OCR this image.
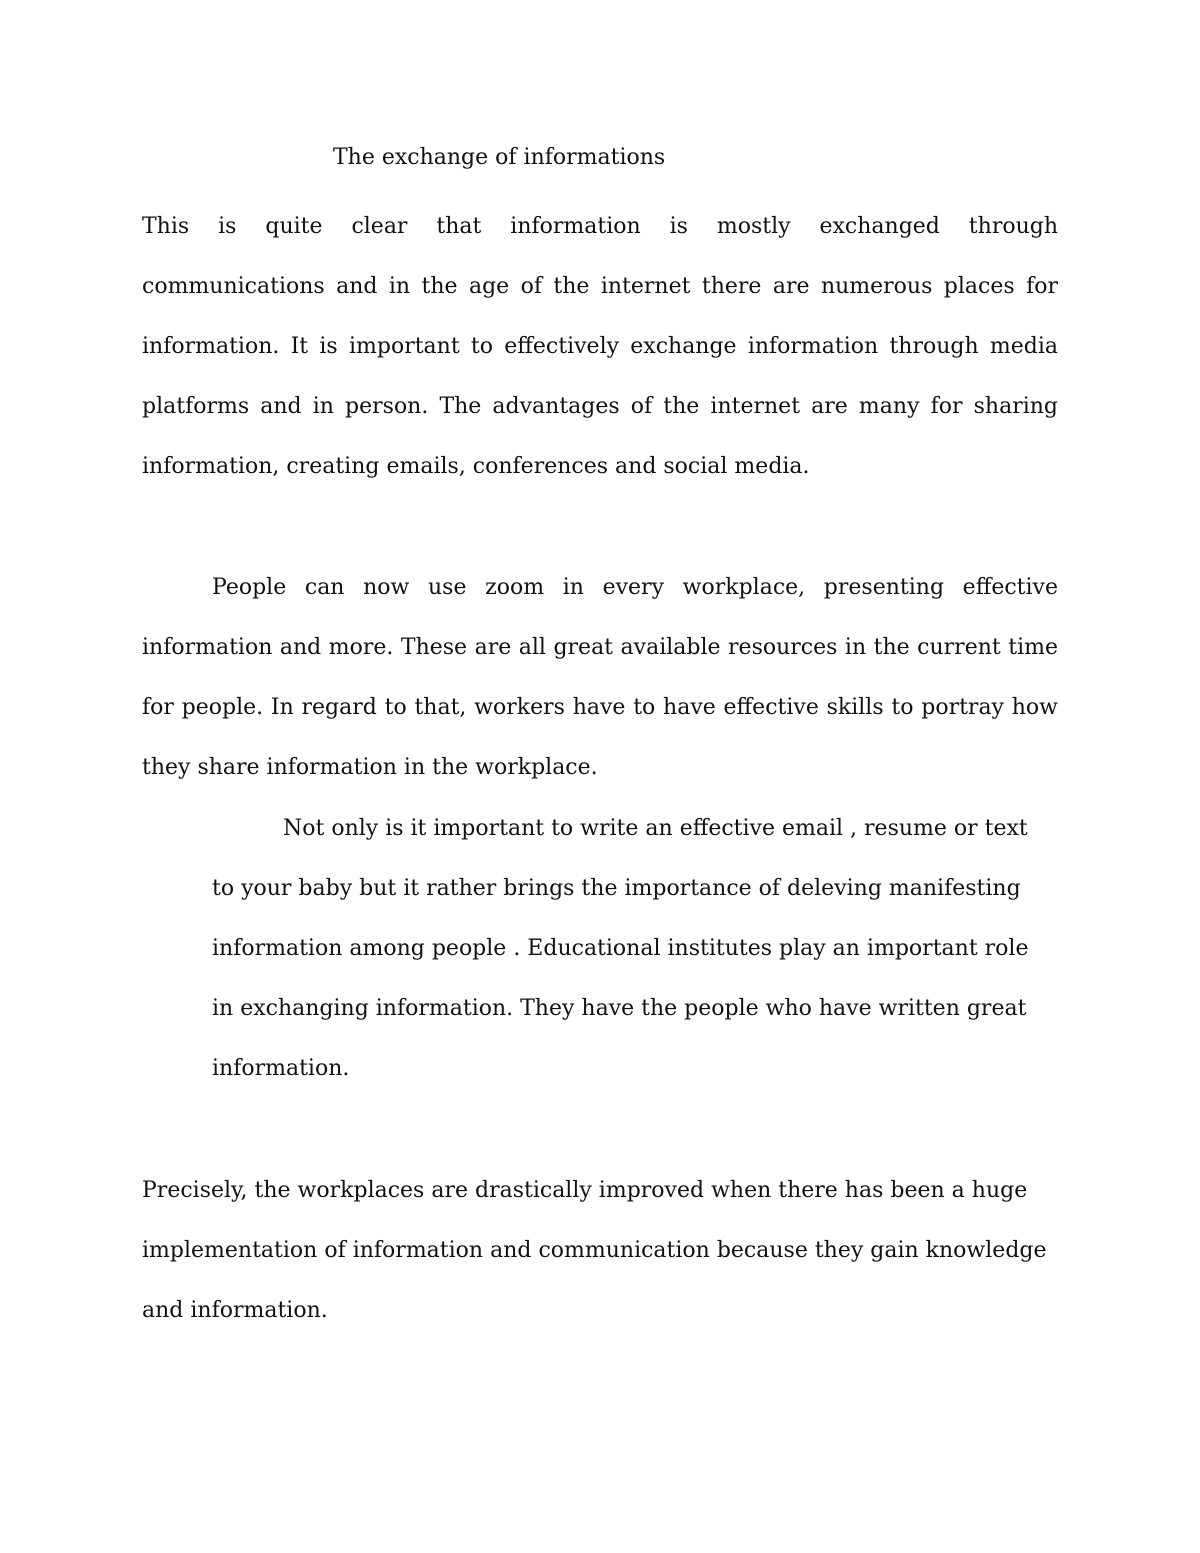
The exchange of informations
This is quite clear that information is mostly exchanged through
communications and in the age of the internet there are numerous places for
information. It is important to effectively exchange information through media
platforms and in person. The advantages of the internet are many for sharing
information, creating emails, conferences and social media.
People can now use zoom in every workplace, presenting effective
information and more. These are all great available resources in the current time
for people. In regard to that, workers have to have effective skills to portray how
they share information in the workplace.
Not only is it important to write an effective email , resume or text
to your baby but it rather brings the importance of deleving manifesting
information among people . Educational institutes play an important role
in exchanging information. They have the people who have written great
information.
Precisely, the workplaces are drastically improved when there has been a huge
implementation of information and communication because they gain knowledge
and information.
